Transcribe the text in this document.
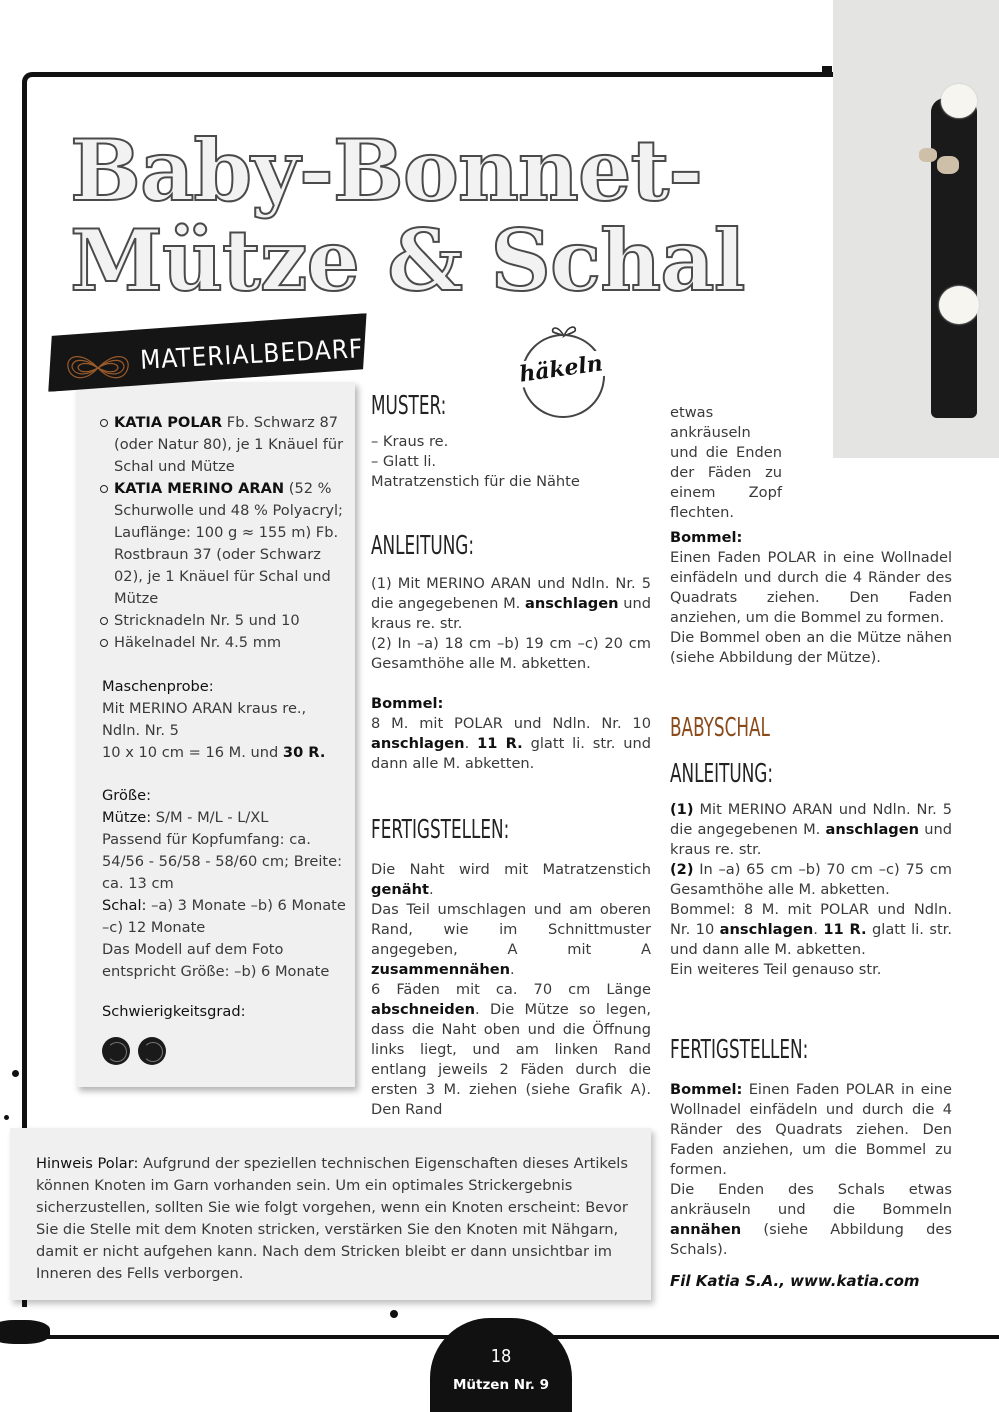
Baby-Bonnet-
Mütze & Schal
häkeln
MATERIALBEDARF
KATIA POLAR Fb. Schwarz 87 (oder Natur 80), je 1 Knäuel für Schal und Mütze
KATIA MERINO ARAN (52 % Schurwolle und 48 % Polyacryl; Lauflänge: 100 g ≈ 155 m) Fb. Rostbraun 37 (oder Schwarz 02), je 1 Knäuel für Schal und Mütze
Stricknadeln Nr. 5 und 10
Häkelnadel Nr. 4.5 mm
Maschenprobe:
Mit MERINO ARAN kraus re., Ndln. Nr. 5
10 x 10 cm = 16 M. und 30 R.
Größe:
Mütze: S/M - M/L - L/XL
Passend für Kopfumfang: ca. 54/56 - 56/58 - 58/60 cm; Breite: ca. 13 cm
Schal: –a) 3 Monate –b) 6 Monate –c) 12 Monate
Das Modell auf dem Foto entspricht Größe: –b) 6 Monate
Schwierigkeitsgrad:
MUSTER:
– Kraus re.
– Glatt li.
Matratzenstich für die Nähte
ANLEITUNG:
(1) Mit MERINO ARAN und Ndln. Nr. 5 die angegebenen M. anschlagen und kraus re. str.
(2) In –a) 18 cm –b) 19 cm –c) 20 cm Gesamthöhe alle M. abketten.
Bommel:
8 M. mit POLAR und Ndln. Nr. 10 anschlagen. 11 R. glatt li. str. und dann alle M. abketten.
FERTIGSTELLEN:
Die Naht wird mit Matratzenstich genäht.
Das Teil umschlagen und am oberen Rand, wie im Schnittmuster angegeben, A mit A zusammennähen.
6 Fäden mit ca. 70 cm Länge abschneiden. Die Mütze so legen, dass die Naht oben und die Öffnung links liegt, und am linken Rand entlang jeweils 2 Fäden durch die ersten 3 M. ziehen (siehe Grafik A). Den Rand
etwas ankräuseln und die Enden der Fäden zu einem Zopf flechten.
Bommel:
Einen Faden POLAR in eine Wollnadel einfädeln und durch die 4 Ränder des Quadrats ziehen. Den Faden anziehen, um die Bommel zu formen.
Die Bommel oben an die Mütze nähen (siehe Abbildung der Mütze).
BABYSCHAL
ANLEITUNG:
(1) Mit MERINO ARAN und Ndln. Nr. 5 die angegebenen M. anschlagen und kraus re. str.
(2) In –a) 65 cm –b) 70 cm –c) 75 cm Gesamthöhe alle M. abketten.
Bommel: 8 M. mit POLAR und Ndln. Nr. 10 anschlagen. 11 R. glatt li. str. und dann alle M. abketten.
Ein weiteres Teil genauso str.
FERTIGSTELLEN:
Bommel: Einen Faden POLAR in eine Wollnadel einfädeln und durch die 4 Ränder des Quadrats ziehen. Den Faden anziehen, um die Bommel zu formen.
Die Enden des Schals etwas ankräuseln und die Bommeln annähen (siehe Abbildung des Schals).
Fil Katia S.A., www.katia.com
Hinweis Polar: Aufgrund der speziellen technischen Eigenschaften dieses Artikels können Knoten im Garn vorhanden sein. Um ein optimales Strickergebnis sicherzustellen, sollten Sie wie folgt vorgehen, wenn ein Knoten erscheint: Bevor Sie die Stelle mit dem Knoten stricken, verstärken Sie den Knoten mit Nähgarn, damit er nicht aufgehen kann. Nach dem Stricken bleibt er dann unsichtbar im Inneren des Fells verborgen.
18
Mützen Nr. 9
